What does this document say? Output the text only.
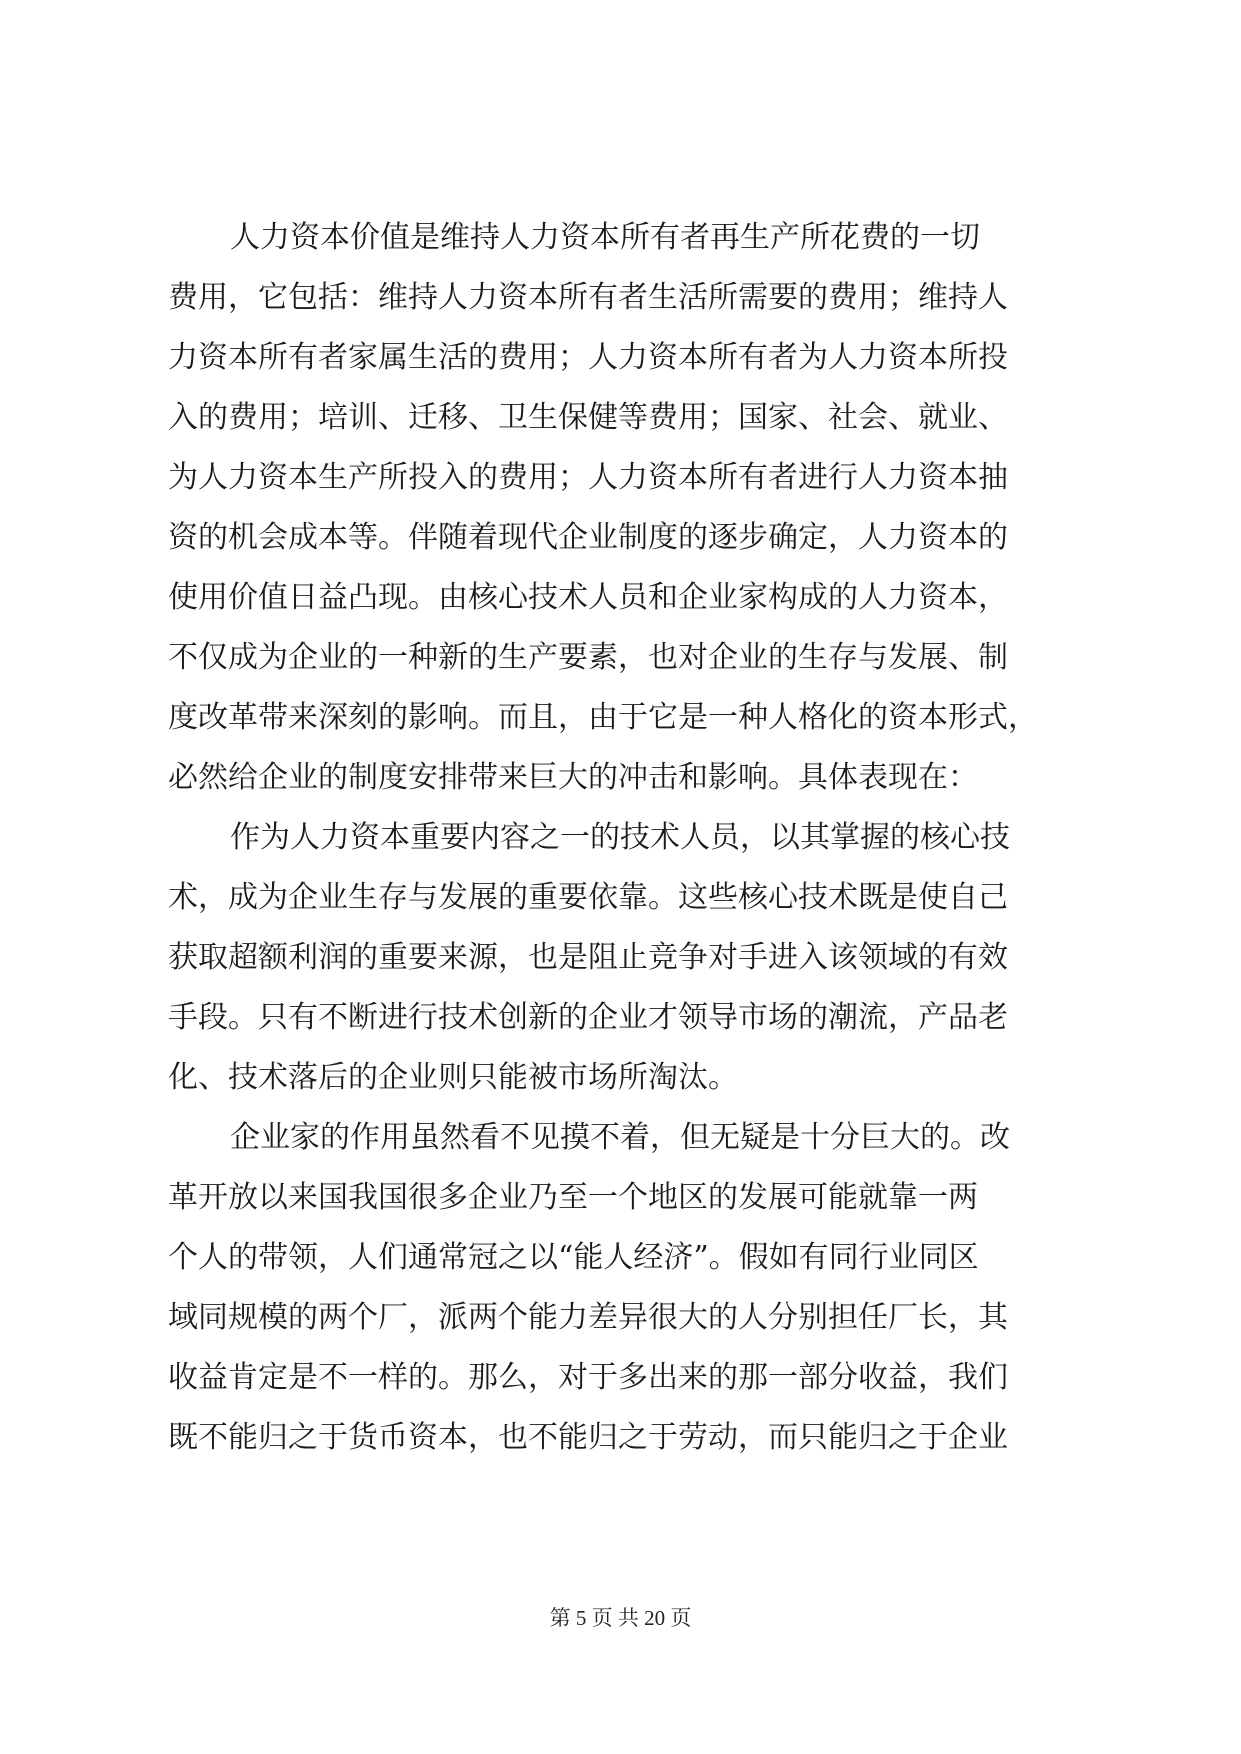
人力资本价值是维持人力资本所有者再生产所花费的一切
费用，它包括：维持人力资本所有者生活所需要的费用；维持人
力资本所有者家属生活的费用；人力资本所有者为人力资本所投
入的费用；培训、迁移、卫生保健等费用；国家、社会、就业、
为人力资本生产所投入的费用；人力资本所有者进行人力资本抽
资的机会成本等。伴随着现代企业制度的逐步确定，人力资本的
使用价值日益凸现。由核心技术人员和企业家构成的人力资本，
不仅成为企业的一种新的生产要素，也对企业的生存与发展、制
度改革带来深刻的影响。而且，由于它是一种人格化的资本形式，
必然给企业的制度安排带来巨大的冲击和影响。具体表现在：
作为人力资本重要内容之一的技术人员，以其掌握的核心技
术，成为企业生存与发展的重要依靠。这些核心技术既是使自己
获取超额利润的重要来源，也是阻止竞争对手进入该领域的有效
手段。只有不断进行技术创新的企业才领导市场的潮流，产品老
化、技术落后的企业则只能被市场所淘汰。
企业家的作用虽然看不见摸不着，但无疑是十分巨大的。改
革开放以来国我国很多企业乃至一个地区的发展可能就靠一两
个人的带领，人们通常冠之以“能人经济”。假如有同行业同区
域同规模的两个厂，派两个能力差异很大的人分别担任厂长，其
收益肯定是不一样的。那么，对于多出来的那一部分收益，我们
既不能归之于货币资本，也不能归之于劳动，而只能归之于企业
第 5 页 共 20 页
